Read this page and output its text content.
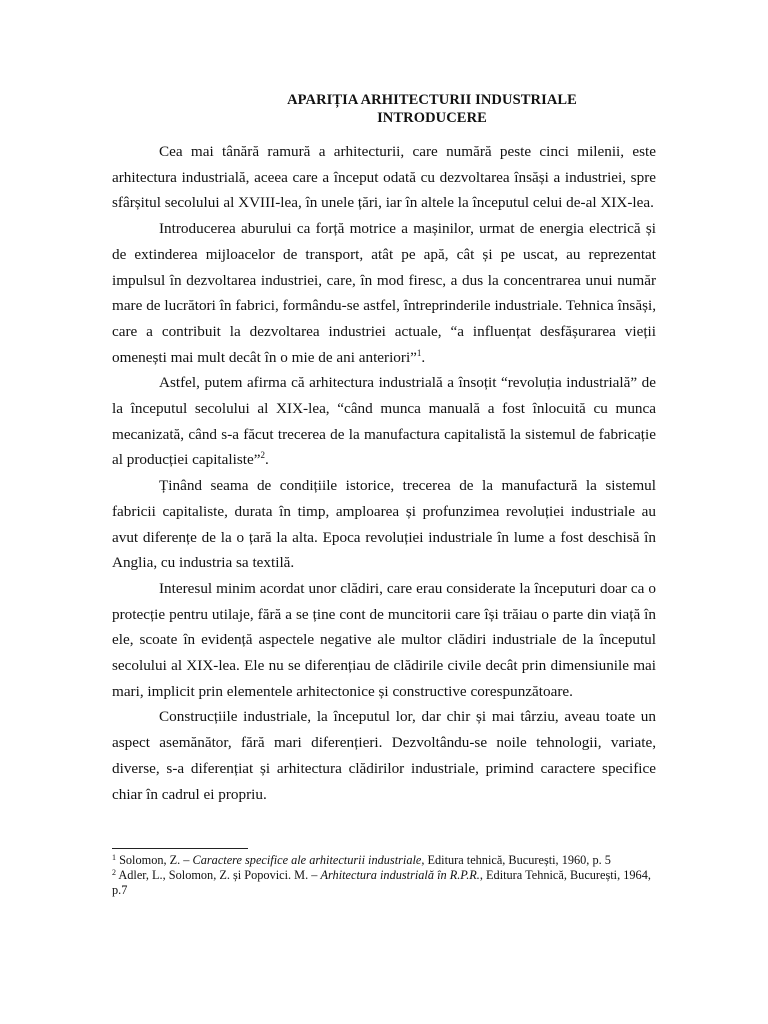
APARIȚIA ARHITECTURII INDUSTRIALE
INTRODUCERE

Cea mai tânără ramură a arhitecturii, care numără peste cinci milenii, este arhitectura industrială, aceea care a început odată cu dezvoltarea însăși a industriei, spre sfârșitul secolului al XVIII-lea, în unele țări, iar în altele la începutul celui de-al XIX-lea.

Introducerea aburului ca forță motrice a mașinilor, urmat de energia electrică și de extinderea mijloacelor de transport, atât pe apă, cât și pe uscat, au reprezentat impulsul în dezvoltarea industriei, care, în mod firesc, a dus la concentrarea unui număr mare de lucrători în fabrici, formându-se astfel, întreprinderile industriale. Tehnica însăși, care a contribuit la dezvoltarea industriei actuale, “a influențat desfășurarea vieții omenești mai mult decât în o mie de ani anteriori”$^1$.

Astfel, putem afirma că arhitectura industrială a însoțit “revoluția industrială” de la începutul secolului al XIX-lea, “când munca manuală a fost înlocuită cu munca mecanizată, când s-a făcut trecerea de la manufactura capitalistă la sistemul de fabricație al producției capitaliste”$^2$.

Ținând seama de condițiile istorice, trecerea de la manufactură la sistemul fabricii capitaliste, durata în timp, amploarea și profunzimea revoluției industriale au avut diferențe de la o țară la alta. Epoca revoluției industriale în lume a fost deschisă în Anglia, cu industria sa textilă.

Interesul minim acordat unor clădiri, care erau considerate la începuturi doar ca o protecție pentru utilaje, fără a se ține cont de muncitorii care își trăiau o parte din viață în ele, scoate în evidență aspectele negative ale multor clădiri industriale de la începutul secolului al XIX-lea. Ele nu se diferențiau de clădirile civile decât prin dimensiunile mai mari, implicit prin elementele arhitectonice și constructive corespunzătoare.

Construcțiile industriale, la începutul lor, dar chir și mai târziu, aveau toate un aspect asemănător, fără mari diferențieri. Dezvoltându-se noile tehnologii, variate, diverse, s-a diferențiat și arhitectura clădirilor industriale, primind caractere specifice chiar în cadrul ei propriu.

$^1$ Solomon, Z. – Caractere specifice ale arhitecturii industriale, Editura tehnică, București, 1960, p. 5

$^2$ Adler, L., Solomon, Z. și Popovici. M. – Arhitectura industrială în R.P.R., Editura Tehnică, București, 1964, p.7
